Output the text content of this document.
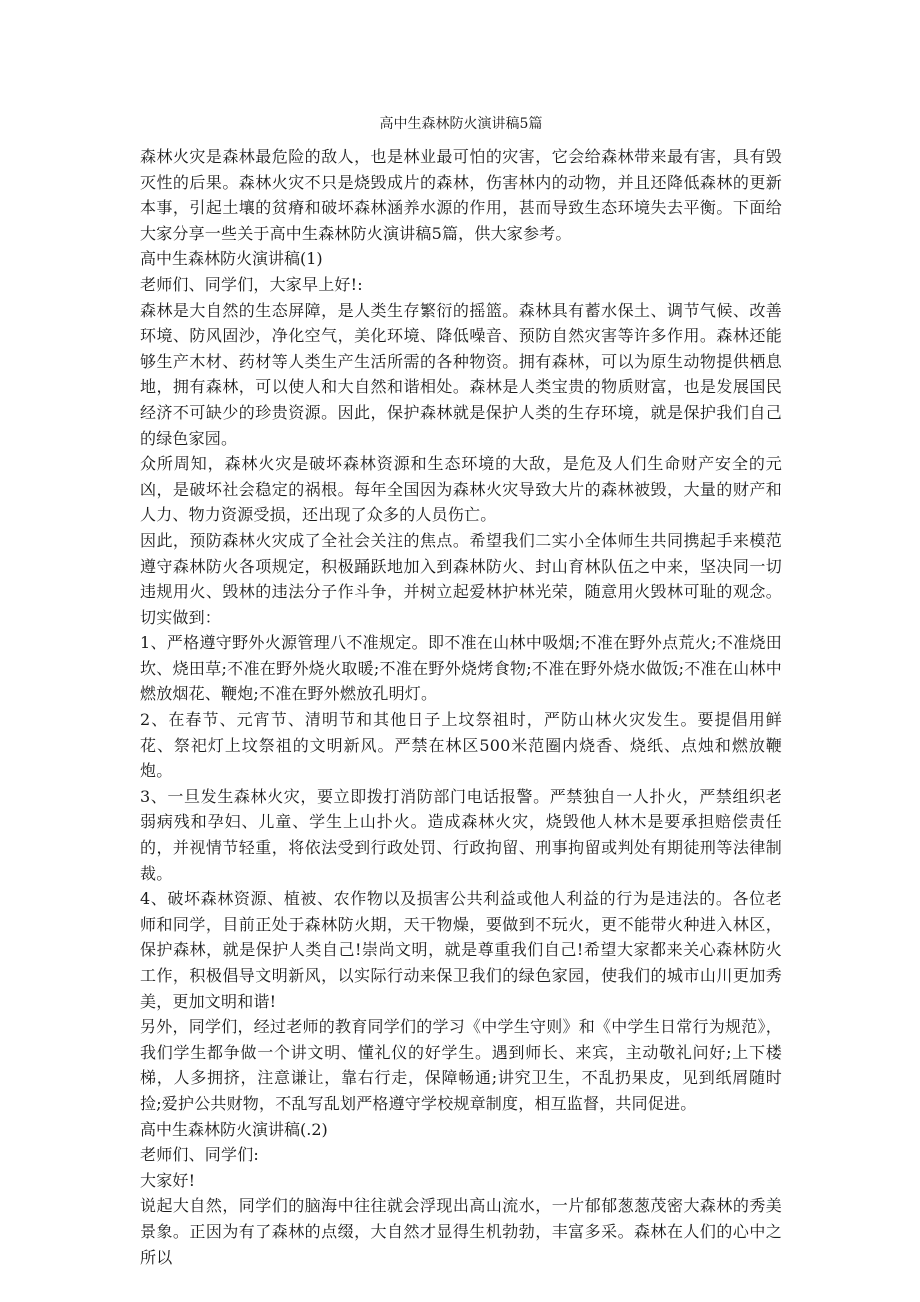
高中生森林防火演讲稿5篇

森林火灾是森林最危险的敌人，也是林业最可怕的灾害，它会给森林带来最有害，具有毁灭性的后果。森林火灾不只是烧毁成片的森林，伤害林内的动物，并且还降低森林的更新本事，引起土壤的贫瘠和破坏森林涵养水源的作用，甚而导致生态环境失去平衡。下面给大家分享一些关于高中生森林防火演讲稿5篇，供大家参考。

高中生森林防火演讲稿(1)

老师们、同学们，大家早上好!:

森林是大自然的生态屏障，是人类生存繁衍的摇篮。森林具有蓄水保土、调节气候、改善环境、防风固沙，净化空气，美化环境、降低噪音、预防自然灾害等许多作用。森林还能够生产木材、药材等人类生产生活所需的各种物资。拥有森林，可以为原生动物提供栖息地，拥有森林，可以使人和大自然和谐相处。森林是人类宝贵的物质财富，也是发展国民经济不可缺少的珍贵资源。因此，保护森林就是保护人类的生存环境，就是保护我们自己的绿色家园。

众所周知，森林火灾是破坏森林资源和生态环境的大敌，是危及人们生命财产安全的元凶，是破坏社会稳定的祸根。每年全国因为森林火灾导致大片的森林被毁，大量的财产和人力、物力资源受损，还出现了众多的人员伤亡。

因此，预防森林火灾成了全社会关注的焦点。希望我们二实小全体师生共同携起手来模范遵守森林防火各项规定，积极踊跃地加入到森林防火、封山育林队伍之中来，坚决同一切违规用火、毁林的违法分子作斗争，并树立起爱林护林光荣，随意用火毁林可耻的观念。切实做到：

1、严格遵守野外火源管理八不准规定。即不准在山林中吸烟;不准在野外点荒火;不准烧田坎、烧田草;不准在野外烧火取暖;不准在野外烧烤食物;不准在野外烧水做饭;不准在山林中燃放烟花、鞭炮;不准在野外燃放孔明灯。

2、在春节、元宵节、清明节和其他日子上坟祭祖时，严防山林火灾发生。要提倡用鲜花、祭祀灯上坟祭祖的文明新风。严禁在林区500米范圈内烧香、烧纸、点烛和燃放鞭炮。

3、一旦发生森林火灾，要立即拨打消防部门电话报警。严禁独自一人扑火，严禁组织老弱病残和孕妇、儿童、学生上山扑火。造成森林火灾，烧毁他人林木是要承担赔偿责任的，并视情节轻重，将依法受到行政处罚、行政拘留、刑事拘留或判处有期徒刑等法律制裁。

4、破坏森林资源、植被、农作物以及损害公共利益或他人利益的行为是违法的。各位老师和同学，目前正处于森林防火期，天干物燥，要做到不玩火，更不能带火种进入林区，保护森林，就是保护人类自己!崇尚文明，就是尊重我们自己!希望大家都来关心森林防火工作，积极倡导文明新风，以实际行动来保卫我们的绿色家园，使我们的城市山川更加秀美，更加文明和谐!

另外，同学们，经过老师的教育同学们的学习《中学生守则》和《中学生日常行为规范》，我们学生都争做一个讲文明、懂礼仪的好学生。遇到师长、来宾，主动敬礼问好;上下楼梯，人多拥挤，注意谦让，靠右行走，保障畅通;讲究卫生，不乱扔果皮，见到纸屑随时捡;爱护公共财物，不乱写乱划严格遵守学校规章制度，相互监督，共同促进。

高中生森林防火演讲稿(.2)

老师们、同学们:

大家好!

说起大自然，同学们的脑海中往往就会浮现出高山流水，一片郁郁葱葱茂密大森林的秀美景象。正因为有了森林的点缀，大自然才显得生机勃勃，丰富多采。森林在人们的心中之所以
